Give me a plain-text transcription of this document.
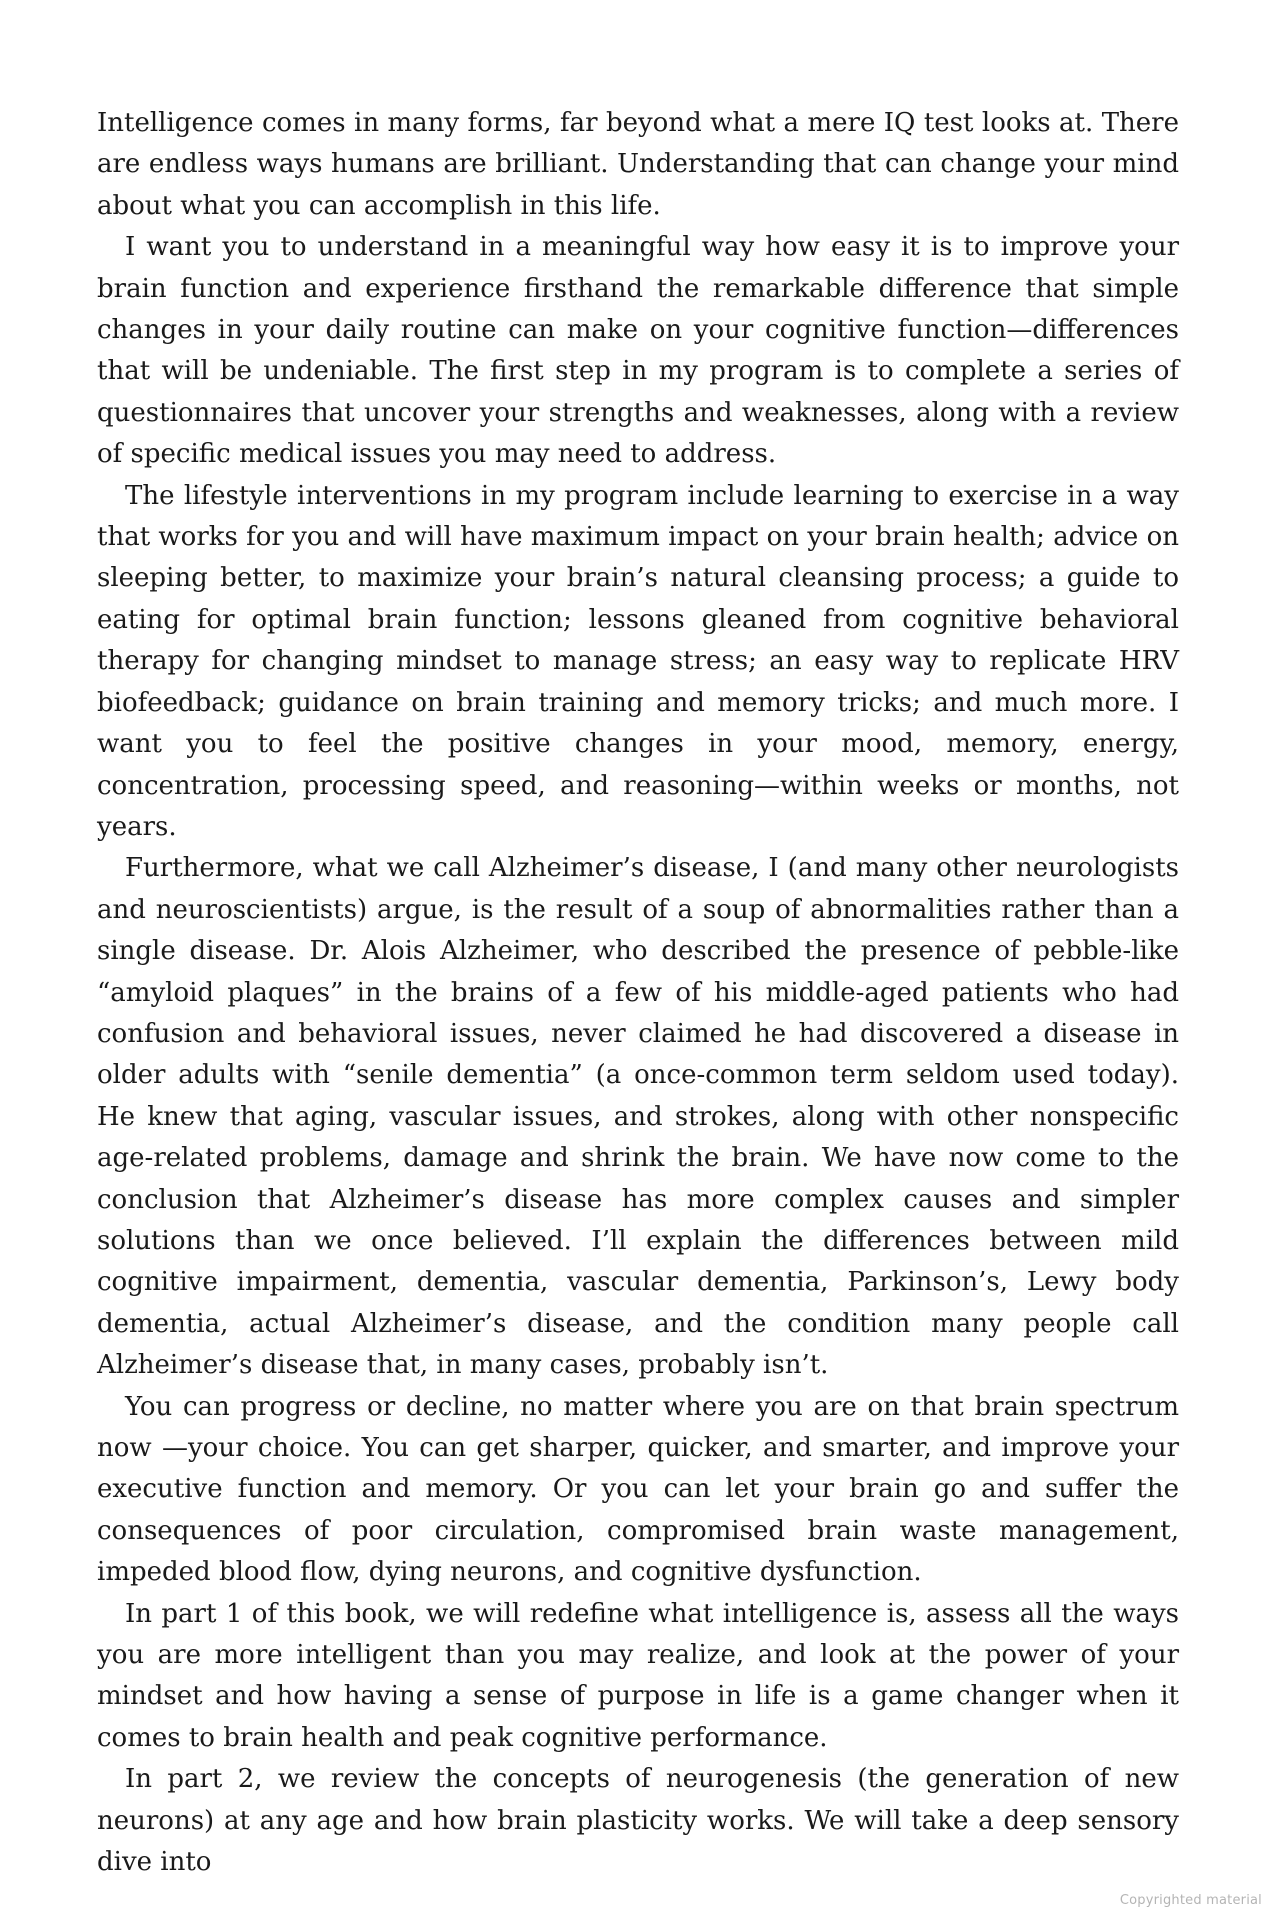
Intelligence comes in many forms, far beyond what a mere IQ test looks at. There are endless ways humans are brilliant. Understanding that can change your mind about what you can accomplish in this life.

I want you to understand in a meaningful way how easy it is to improve your brain function and experience firsthand the remarkable difference that simple changes in your daily routine can make on your cognitive function—differences that will be undeniable. The first step in my program is to complete a series of questionnaires that uncover your strengths and weaknesses, along with a review of specific medical issues you may need to address.

The lifestyle interventions in my program include learning to exercise in a way that works for you and will have maximum impact on your brain health; advice on sleeping better, to maximize your brain’s natural cleansing process; a guide to eating for optimal brain function; lessons gleaned from cognitive behavioral therapy for changing mindset to manage stress; an easy way to replicate HRV biofeedback; guidance on brain training and memory tricks; and much more. I want you to feel the positive changes in your mood, memory, energy, concentration, processing speed, and reasoning—within weeks or months, not years.

Furthermore, what we call Alzheimer’s disease, I (and many other neurologists and neuroscientists) argue, is the result of a soup of abnormalities rather than a single disease. Dr. Alois Alzheimer, who described the presence of pebble-like “amyloid plaques” in the brains of a few of his middle-aged patients who had confusion and behavioral issues, never claimed he had discovered a disease in older adults with “senile dementia” (a once-common term seldom used today). He knew that aging, vascular issues, and strokes, along with other nonspecific age-related problems, damage and shrink the brain. We have now come to the conclusion that Alzheimer’s disease has more complex causes and simpler solutions than we once believed. I’ll explain the differences between mild cognitive impairment, dementia, vascular dementia, Parkinson’s, Lewy body dementia, actual Alzheimer’s disease, and the condition many people call Alzheimer’s disease that, in many cases, probably isn’t.

You can progress or decline, no matter where you are on that brain spectrum now —your choice. You can get sharper, quicker, and smarter, and improve your executive function and memory. Or you can let your brain go and suffer the consequences of poor circulation, compromised brain waste management, impeded blood flow, dying neurons, and cognitive dysfunction.

In part 1 of this book, we will redefine what intelligence is, assess all the ways you are more intelligent than you may realize, and look at the power of your mindset and how having a sense of purpose in life is a game changer when it comes to brain health and peak cognitive performance.

In part 2, we review the concepts of neurogenesis (the generation of new neurons) at any age and how brain plasticity works. We will take a deep sensory dive into

Copyrighted material
